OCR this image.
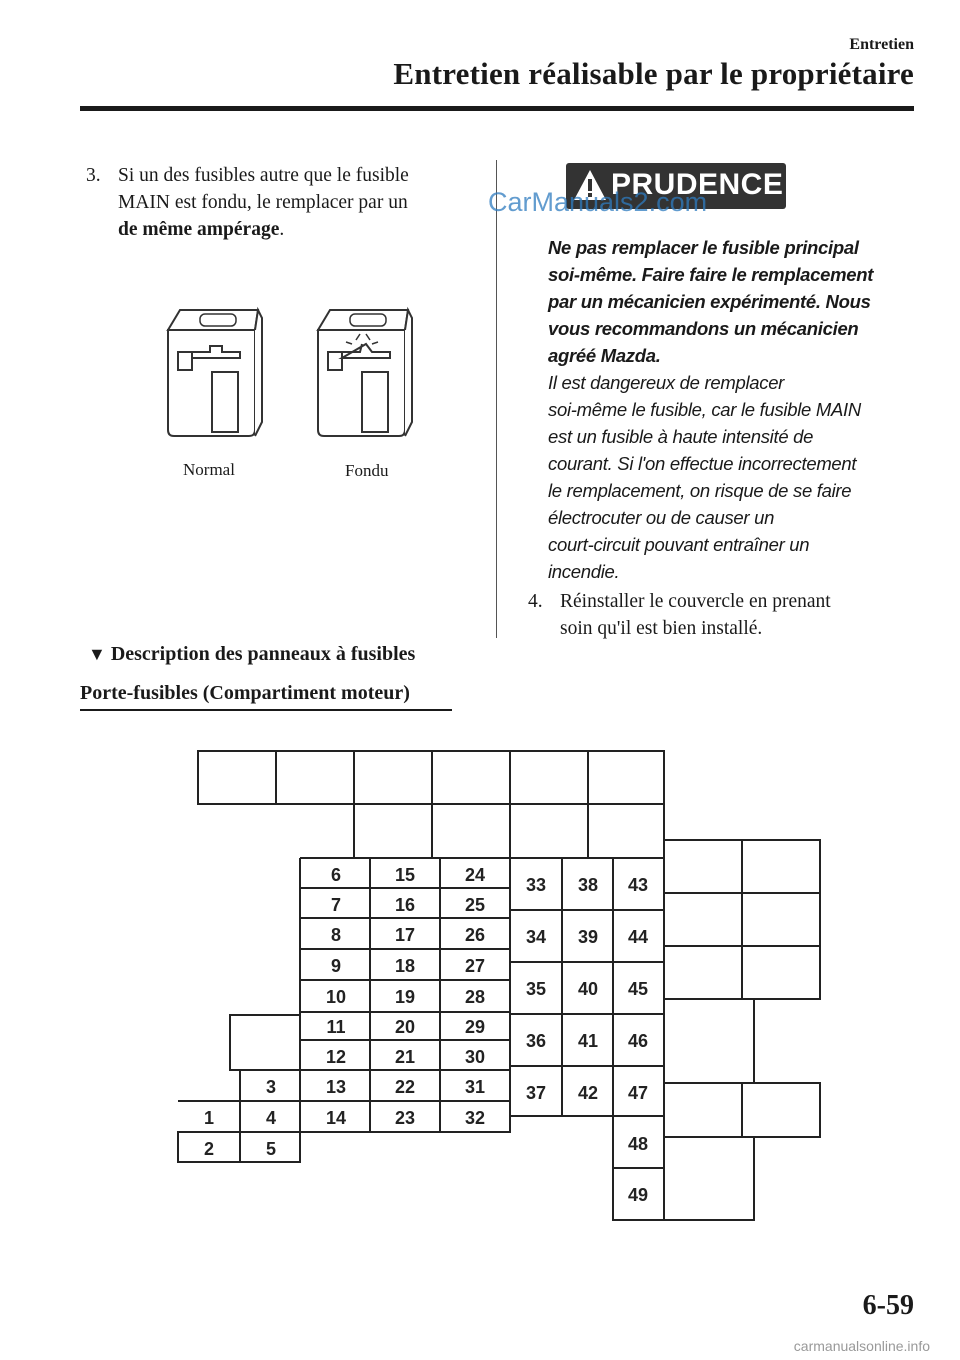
Entretien
Entretien réalisable par le propriétaire
3. Si un des fusibles autre que le fusible
MAIN est fondu, le remplacer par un
de même ampérage.
Normal	Fondu
PRUDENCE
CarManuals2.com
Ne pas remplacer le fusible principal
soi-même. Faire faire le remplacement
par un mécanicien expérimenté. Nous
vous recommandons un mécanicien
agréé Mazda.
Il est dangereux de remplacer
soi-même le fusible, car le fusible MAIN
est un fusible à haute intensité de
courant. Si l'on effectue incorrectement
le remplacement, on risque de se faire
électrocuter ou de causer un
court-circuit pouvant entraîner un
incendie.
4. Réinstaller le couvercle en prenant
soin qu'il est bien installé.
▼ Description des panneaux à fusibles
Porte-fusibles (Compartiment moteur)
6
7
8
9
10
11
12
13
14
15
16
17
18
19
20
21
22
23
24
25
26
27
28
29
30
31
32
1
2
3
4
5
33
34
35
36
37
38
39
40
41
42
43
44
45
46
47
48
49
6-59
carmanualsonline.info
